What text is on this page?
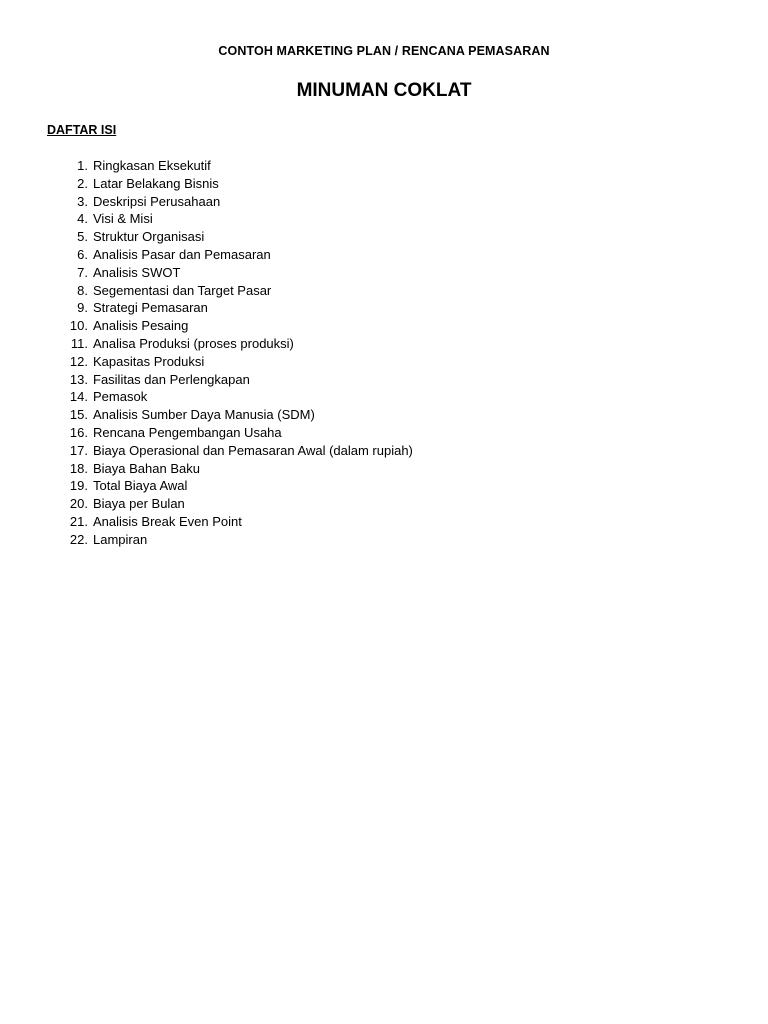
CONTOH MARKETING PLAN / RENCANA PEMASARAN
MINUMAN COKLAT
DAFTAR ISI
1. Ringkasan Eksekutif
2. Latar Belakang Bisnis
3. Deskripsi Perusahaan
4. Visi & Misi
5. Struktur Organisasi
6. Analisis Pasar dan Pemasaran
7. Analisis SWOT
8. Segementasi dan Target Pasar
9. Strategi Pemasaran
10. Analisis Pesaing
11. Analisa Produksi (proses produksi)
12. Kapasitas Produksi
13. Fasilitas dan Perlengkapan
14. Pemasok
15. Analisis Sumber Daya Manusia (SDM)
16. Rencana Pengembangan Usaha
17. Biaya Operasional dan Pemasaran Awal (dalam rupiah)
18. Biaya Bahan Baku
19. Total Biaya Awal
20. Biaya per Bulan
21. Analisis Break Even Point
22. Lampiran
